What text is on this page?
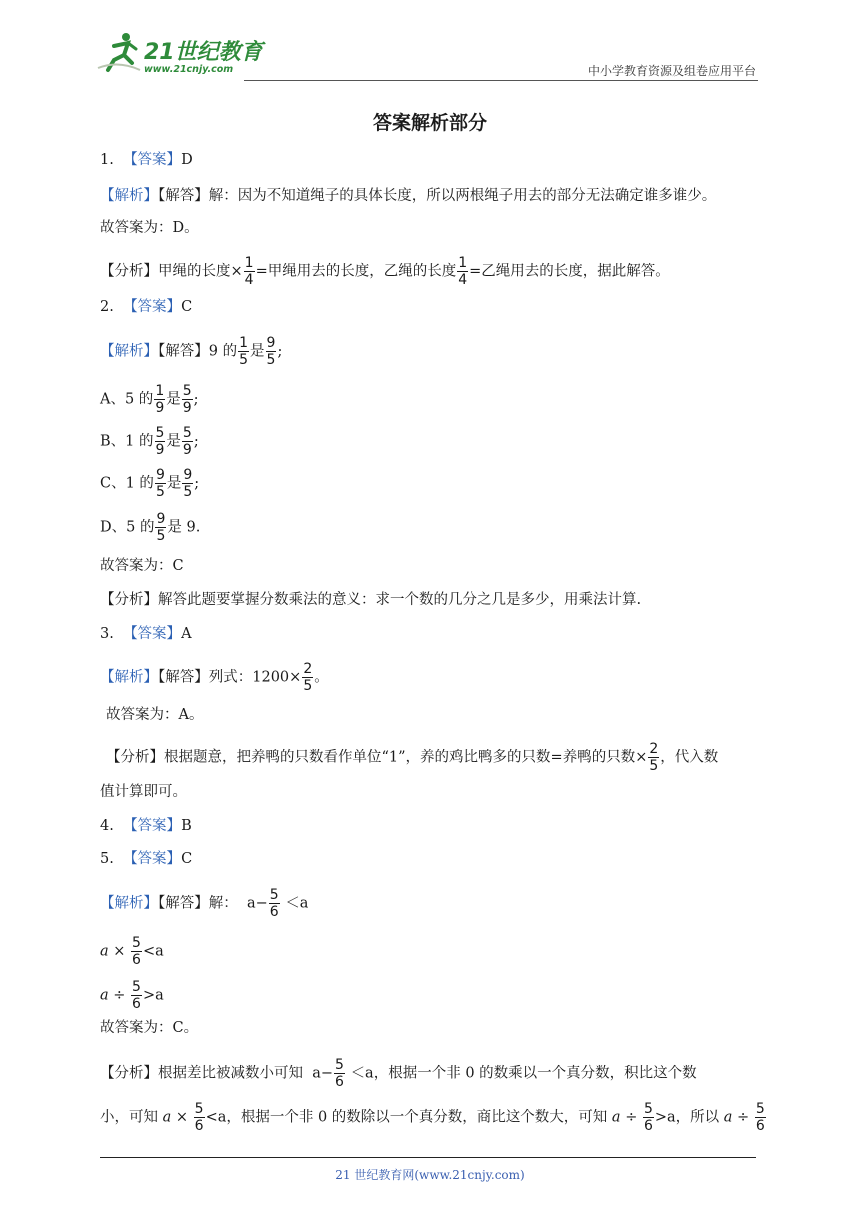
21世纪教育
www.21cnjy.com	中小学教育资源及组卷应用平台
答案解析部分
1. 【答案】D
【解析】【解答】解：因为不知道绳子的具体长度，所以两根绳子用去的部分无法确定谁多谁少。
故答案为：D。
【分析】甲绳的长度× $\frac{1}{4}$ =甲绳用去的长度，乙绳的长度 $\frac{1}{4}$ =乙绳用去的长度，据此解答。
2. 【答案】C
【解析】【解答】9 的 $\frac{1}{5}$ 是 $\frac{9}{5}$ ;
A、5 的 $\frac{1}{9}$ 是 $\frac{5}{9}$ ;
B、1 的 $\frac{5}{9}$ 是 $\frac{5}{9}$ ;
C、1 的 $\frac{9}{5}$ 是 $\frac{9}{5}$ ;
D、5 的 $\frac{9}{5}$ 是 9.
故答案为：C
【分析】解答此题要掌握分数乘法的意义：求一个数的几分之几是多少，用乘法计算.
3. 【答案】A
【解析】【解答】列式：$1200\times \frac{2}{5}$ 。
故答案为：A。
【分析】根据题意，把养鸭的只数看作单位“1”，养的鸡比鸭多的只数=养鸭的只数× $\frac{2}{5}$ ，代入数
值计算即可。
4. 【答案】B
5. 【答案】C
【解析】【解答】解： $a- \frac{5}{6} <a$
$a \times \frac{5}{6} <a$
$a \div \frac{5}{6} >a$
故答案为：C。
【分析】根据差比被减数小可知 $a- \frac{5}{6} <a$，根据一个非 0 的数乘以一个真分数，积比这个数
小，可知 $a \times \frac{5}{6} <a$，根据一个非 0 的数除以一个真分数，商比这个数大，可知 $a \div \frac{5}{6} >a$，所以 $a \div \frac{5}{6}$
21 世纪教育网(www.21cnjy.com)
